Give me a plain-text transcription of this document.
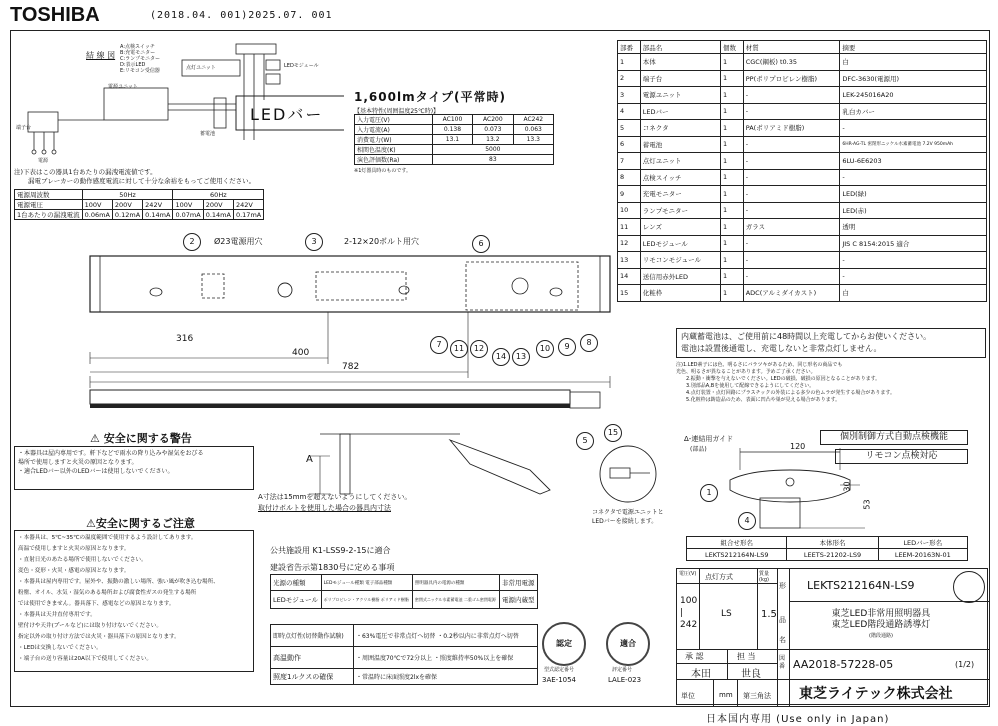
TOSHIBA	(2018.04. 001)2025.07. 001
結 線 図
A:点検スイッチ
B:充電モニター
C:ランプモニター
D:表示LED
E:リモコン受信器	点灯ユニット
電源ユニット
LEDバー
蓄電池
端子台
電源
LEDモジュール
1,600lmタイプ(平常時)
【基本特性(周囲温度25℃時)】
入力電圧(V)	AC100	AC200	AC242
入力電流(A)	0.138	0.073	0.063
消費電力(W)	13.1	13.2	13.3
相関色温度(K)	5000		
演色評価数(Ra)	83		
※1灯器具時のものです。
注)下表はこの器具1台あたりの漏洩電流値です。
漏電ブレーカーの動作感度電流に対して十分な余裕をもってご使用ください。
電源周波数	50Hz			60Hz		
電源電圧	100V	200V	242V	100V	200V	242V
1台あたりの漏洩電流	0.06mA	0.12mA	0.14mA	0.07mA	0.14mA	0.17mA
部番	部品名	個数	材質	摘要
1	本体	1	CGC(鋼板) t0.35	白
2	端子台	1	PP(ポリプロピレン樹脂)	DFC-3630(電源用)
3	電源ユニット	1	-	LEK-245016A20
4	LEDバー	1	-	乳白カバー
5	コネクタ	1	PA(ポリアミド樹脂)	-
6	蓄電池	1	-	6HR-AG-TL 密閉形ニッケル水素蓄電池 7.2V 950mAh
7	点灯ユニット	1	-	6LU-6E6203
8	点検スイッチ	1	-	-
9	充電モニター	1	-	LED(緑)
10	ランプモニター	1	-	LED(赤)
11	レンズ	1	ガラス	透明
12	LEDモジュール	1	-	JIS C 8154:2015 適合
13	リモコンモジュール	1	-	-
14	送信用赤外LED	1	-	-
15	化粧枠	1	ADC(アルミダイカスト)	白
内蔵蓄電池は、ご使用前に48時間以上充電してからお使いください。
電池は設置後通電し、充電しないと非常点灯しません。
注)1.LED素子には色、明るさにバラツキがあるため、同じ形名の商品でも
光色、明るさが異なることがあります。予めご了承ください。
2.振動・衝撃を与えないでください。LEDの破損、破損の原因となることがあります。
3.別部品A,Bを使用して配線できるようにしてください。
4.点灯装置・点灯回路にプラスチックの外装による多少の色ムラが発生する場合があります。
5.化粧枠は鋳造品のため、表面に凹凸や巣が見える場合があります。
Δ-連結用ガイド
(部品)
個別制御方式自動点検機能
リモコン点検対応
120
30
53
1
4
Ø23電源用穴	2-12×20ボルト用穴
2	3	6
316
400
782
7	11	12
14	13
10	9	8
15
A
A寸法は15mmを超えないようにしてください。
取付けボルトを使用した場合の器具内寸法
5
コネクタで電源ユニットと
LEDバーを接続します。
⚠ 安全に関する警告
・本器具は屋内専用です。軒下などで雨水の降り込みや湿気をおびる
場所で使用しますと火災の原因となります。
・適合LEDバー以外のLEDバーは使用しないでください。
⚠安全に関するご注意
・本器具は、5℃~35℃の温度範囲で使用するよう設計してあります。
高温で使用しますと火災の原因となります。
・直射日光のあたる場所で使用しないでください。
変色・変形・火災・感電の原因となります。
・本器具は屋内専用です。屋外や、振動の激しい場所、強い風が吹き込む場所、
粉塵、オイル、水気・湿気のある場所および腐食性ガスの発生する場所
では使用できません。器具落下、感電などの原因となります。
・本器具は天井直付専用です。
壁付けや天井(プールなど)には取り付けないでください。
指定以外の取り付け方法では火災・器具落下の原因となります。
・LEDは交換しないでください。
・端子台の送り容量は20A以下で使用してください。
公共施設用 K1-LSS9-2-15に適合
建設省告示第1830号に定める事項
光源の種類	LEDモジュール種類 電子部品種類	照明器具内の電源の種類	非常用電源
LEDモジュール	ポリプロピレン・アクリル樹脂 ポリアミド樹脂	密閉式ニッケル水素蓄電池 二重ゴム密閉電源	電源内蔵型
即時点灯性(切替動作試験)	・63%電圧で非常点灯へ切替 ・0.2秒以内に非常点灯へ切替
高温動作	・周囲温度70℃で72分以上 ・照度維持率50%以上を確保
照度1ルクスの確保	・常温時に床面照度2lxを確保
認定
型式認定番号
3AE-1054
適合
評定番号
LALE-023
組合せ形名	本体形名	LEDバー形名
LEKTS212164N-LS9	LEETS-21202-LS9	LEEM-20163N-01
電圧(V)	点灯方式	質量(kg)
形 LEKTS212164N-LS9
100
|
242
LS	1.5 品
東芝LED非常用照明器具
東芝LED階段通路誘導灯
(階段通路)
名
承 認	担 当
本田	世良
図番 AA2018-57228-05	(1/2)
単位	mm 第三角法 東芝ライテック株式会社
日本国内専用 (Use only in Japan)
